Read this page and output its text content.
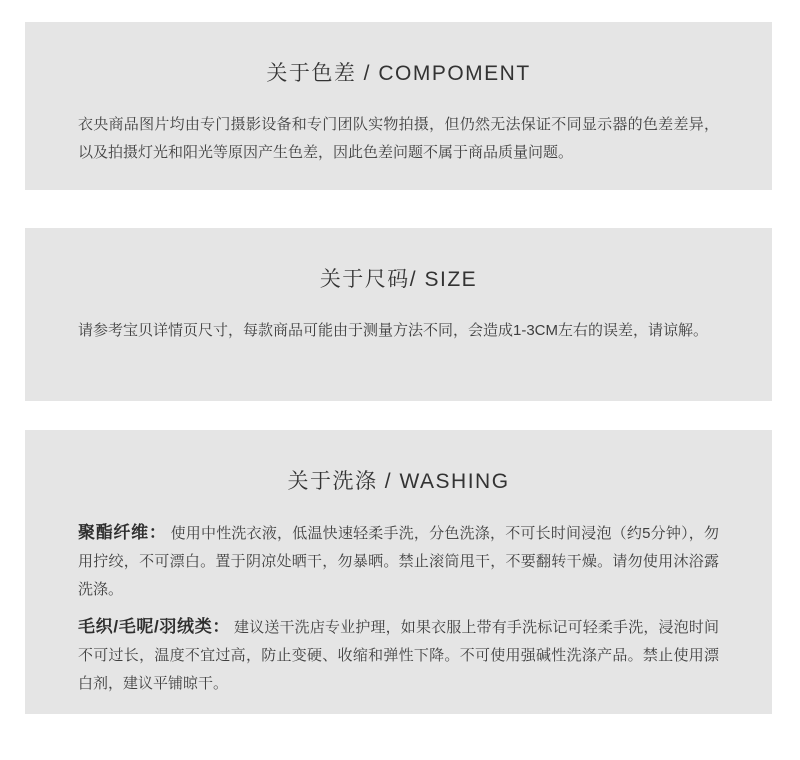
关于色差 / COMPOMENT

衣央商品图片均由专门摄影设备和专门团队实物拍摄，但仍然无法保证不同显示器的色差差异，以及拍摄灯光和阳光等原因产生色差，因此色差问题不属于商品质量问题。

关于尺码/ SIZE

请参考宝贝详情页尺寸，每款商品可能由于测量方法不同，会造成1-3CM左右的误差，请谅解。

关于洗涤 / WASHING

聚酯纤维： 使用中性洗衣液，低温快速轻柔手洗，分色洗涤，不可长时间浸泡（约5分钟），勿用拧绞，不可漂白。置于阴凉处晒干，勿暴晒。禁止滚筒甩干，不要翻转干燥。请勿使用沐浴露洗涤。

毛织/毛呢/羽绒类： 建议送干洗店专业护理，如果衣服上带有手洗标记可轻柔手洗，浸泡时间不可过长，温度不宜过高，防止变硬、收缩和弹性下降。不可使用强碱性洗涤产品。禁止使用漂白剂，建议平铺晾干。
